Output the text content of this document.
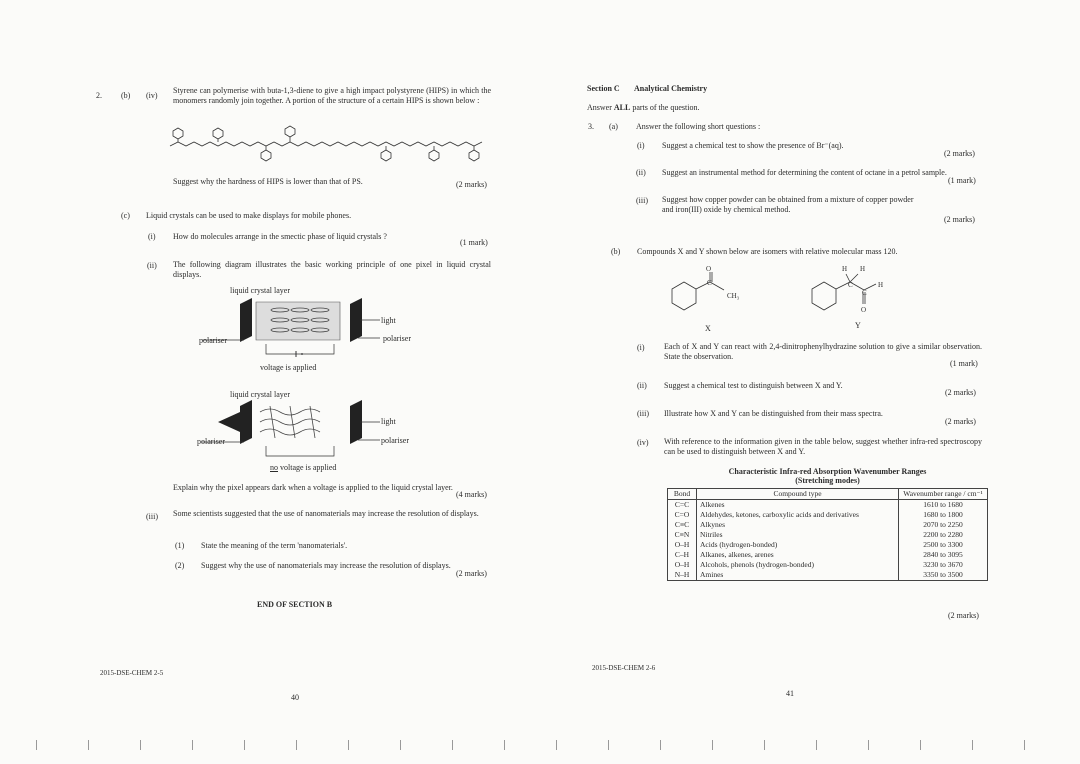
2. (b) (iv)
Styrene can polymerise with buta-1,3-diene to give a high impact polystyrene (HIPS) in which the monomers randomly join together. A portion of the structure of a certain HIPS is shown below :
Suggest why the hardness of HIPS is lower than that of PS.	(2 marks)
(c) Liquid crystals can be used to make displays for mobile phones.
(i) How do molecules arrange in the smectic phase of liquid crystals ?
(1 mark)
(ii) The following diagram illustrates the basic working principle of one pixel in liquid crystal displays.
liquid crystal layer
light
polariser	polariser
voltage is applied
liquid crystal layer
light
polariser	polariser
no voltage is applied
Explain why the pixel appears dark when a voltage is applied to the liquid crystal layer.
(4 marks)
(iii) Some scientists suggested that the use of nanomaterials may increase the resolution of displays.
(1) State the meaning of the term 'nanomaterials'.
(2) Suggest why the use of nanomaterials may increase the resolution of displays.
(2 marks)
END OF SECTION B
2015-DSE-CHEM 2-5
40
Section C Analytical Chemistry
Answer ALL parts of the question.
3. (a) Answer the following short questions :
(i) Suggest a chemical test to show the presence of Br⁻(aq).
(2 marks)
(ii) Suggest an instrumental method for determining the content of octane in a petrol sample.
(1 mark)
(iii) Suggest how copper powder can be obtained from a mixture of copper powder and iron(III) oxide by chemical method.
(2 marks)
(b) Compounds X and Y shown below are isomers with relative molecular mass 120.
O
C
CH₃
X
H H
C
C
H
O
Y
(i) Each of X and Y can react with 2,4-dinitrophenylhydrazine solution to give a similar observation. State the observation.
(1 mark)
(ii) Suggest a chemical test to distinguish between X and Y.
(2 marks)
(iii) Illustrate how X and Y can be distinguished from their mass spectra.
(2 marks)
(iv) With reference to the information given in the table below, suggest whether infra-red spectroscopy can be used to distinguish between X and Y.
Characteristic Infra-red Absorption Wavenumber Ranges
(Stretching modes)
Bond	Compound type	Wavenumber range / cm⁻¹
C=C	Alkenes	1610 to 1680
C=O	Aldehydes, ketones, carboxylic acids and derivatives	1680 to 1800
C≡C	Alkynes	2070 to 2250
C≡N	Nitriles	2200 to 2280
O–H	Acids (hydrogen-bonded)	2500 to 3300
C–H	Alkanes, alkenes, arenes	2840 to 3095
O–H	Alcohols, phenols (hydrogen-bonded)	3230 to 3670
N–H	Amines	3350 to 3500
(2 marks)
2015-DSE-CHEM 2-6
41
